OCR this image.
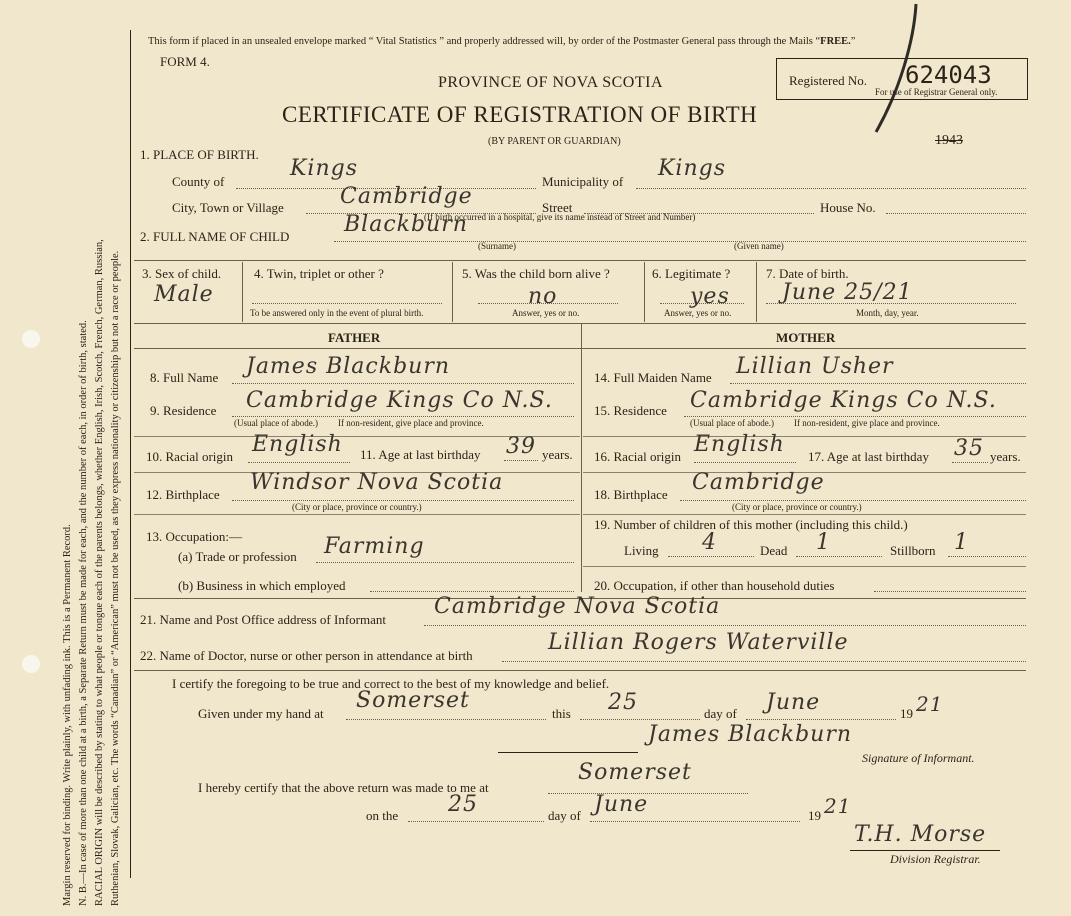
Margin reserved for binding. Write plainly, with unfading ink. This is a Permanent Record. N. B.—In case of more than one child at a birth, a Separate Return must be made for each, and the number of each, in order of birth, stated. RACIAL ORIGIN will be described by stating to what people or tongue each of the parents belongs, whether English, Irish, Scotch, French, German, Russian, Ruthenian, Slovak, Galician, etc. The words “Canadian” or “American” must not be used, as they express nationality or citizenship but not a race or people.
This form if placed in an unsealed envelope marked “ Vital Statistics ” and properly addressed will, by order of the Postmaster General pass through the Mails “FREE.”
FORM 4.
PROVINCE OF NOVA SCOTIA
CERTIFICATE OF REGISTRATION OF BIRTH
(BY PARENT OR GUARDIAN)
Registered No. 624043
For use of Registrar General only.
1943
1. PLACE OF BIRTH.
County of
Kings
Municipality of
Kings
City, Town or Village	Cambridge	Street	House No.
(If birth occurred in a hospital, give its name instead of Street and Number)
2. FULL NAME OF CHILD Blackburn
(Surname)	(Given name)
3. Sex of child.
Male
4. Twin, triplet or other ?
To be answered only in the event of plural birth.
5. Was the child born alive ?
no
Answer, yes or no.
6. Legitimate ?
yes
Answer, yes or no.
7. Date of birth.
June 25/21
Month, day, year.
FATHER	MOTHER
8. Full Name James Blackburn
9. Residence Cambridge Kings Co N.S.
(Usual place of abode.) If non-resident, give place and province.
10. Racial origin English 11. Age at last birthday 39 years.
12. Birthplace Windsor Nova Scotia
(City or place, province or country.)
13. Occupation:—
(a) Trade or profession Farming
(b) Business in which employed
14. Full Maiden Name Lillian Usher
15. Residence Cambridge Kings Co N.S.
(Usual place of abode.) If non-resident, give place and province.
16. Racial origin English 17. Age at last birthday 35 years.
18. Birthplace Cambridge
(City or place, province or country.)
19. Number of children of this mother (including this child.)
Living 4	Dead 1	Stillborn 1
20. Occupation, if other than household duties
21. Name and Post Office address of Informant
Cambridge Nova Scotia
22. Name of Doctor, nurse or other person in attendance at birth
Lillian Rogers Waterville
I certify the foregoing to be true and correct to the best of my knowledge and belief.
Given under my hand at
Somerset
this 25	day of June	19 21
James Blackburn
Signature of Informant.
I hereby certify that the above return was made to me at
Somerset
on the 25	day of June	19 21
T.H. Morse
Division Registrar.
